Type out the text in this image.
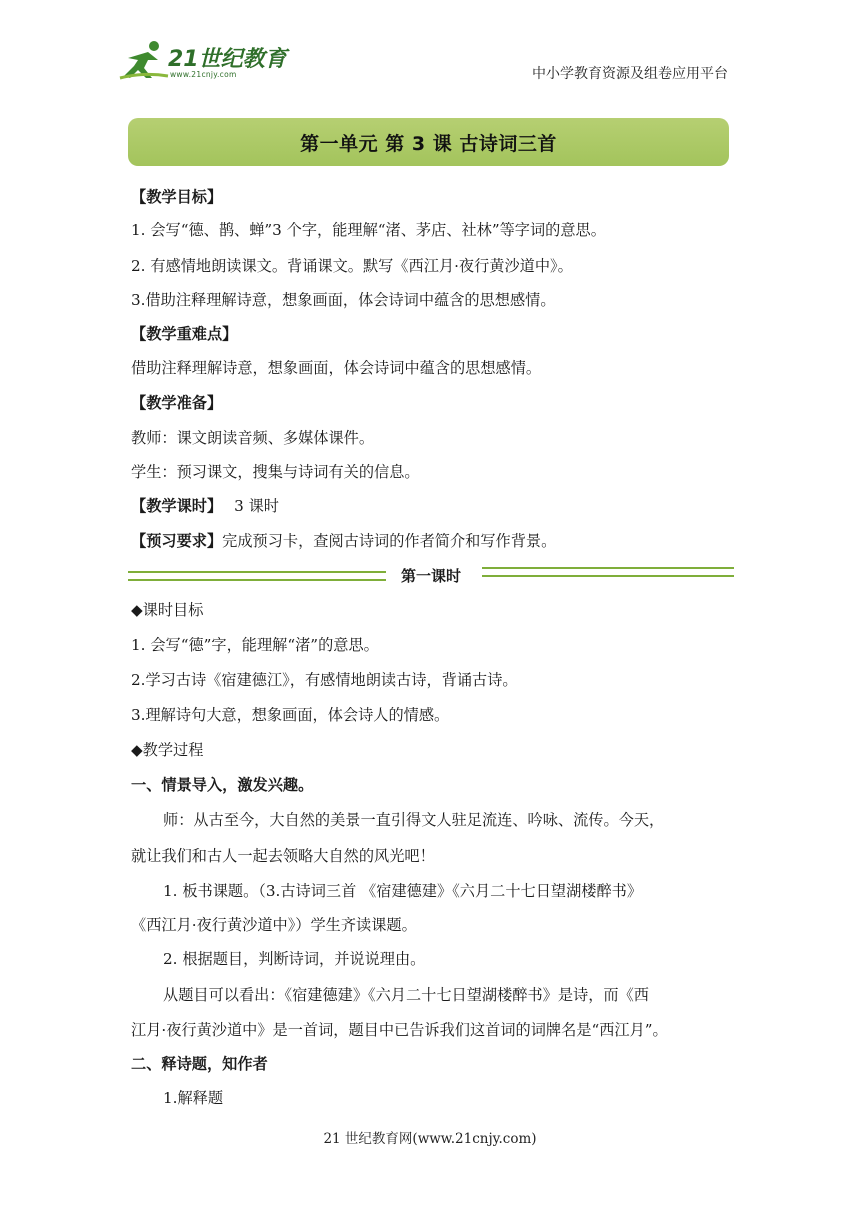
21世纪教育
www.21cnjy.com	中小学教育资源及组卷应用平台
第一单元 第 3 课 古诗词三首
【教学目标】
1. 会写“德、鹊、蝉”3 个字，能理解“渚、茅店、社林”等字词的意思。
2. 有感情地朗读课文。背诵课文。默写《西江月·夜行黄沙道中》。
3.借助注释理解诗意，想象画面，体会诗词中蕴含的思想感情。
【教学重难点】
借助注释理解诗意，想象画面，体会诗词中蕴含的思想感情。
【教学准备】
教师：课文朗读音频、多媒体课件。
学生：预习课文，搜集与诗词有关的信息。
【教学课时】 3 课时
【预习要求】完成预习卡，查阅古诗词的作者简介和写作背景。
第一课时
◆课时目标
1. 会写“德”字，能理解“渚”的意思。
2.学习古诗《宿建德江》，有感情地朗读古诗，背诵古诗。
3.理解诗句大意，想象画面，体会诗人的情感。
◆教学过程
一、情景导入，激发兴趣。
师：从古至今，大自然的美景一直引得文人驻足流连、吟咏、流传。今天，
就让我们和古人一起去领略大自然的风光吧！
1. 板书课题。（3.古诗词三首 《宿建德建》《六月二十七日望湖楼醉书》
《西江月·夜行黄沙道中》）学生齐读课题。
2. 根据题目，判断诗词，并说说理由。
从题目可以看出：《宿建德建》《六月二十七日望湖楼醉书》是诗，而《西
江月·夜行黄沙道中》是一首词，题目中已告诉我们这首词的词牌名是“西江月”。
二、释诗题，知作者
1.解释题
21 世纪教育网(www.21cnjy.com)
